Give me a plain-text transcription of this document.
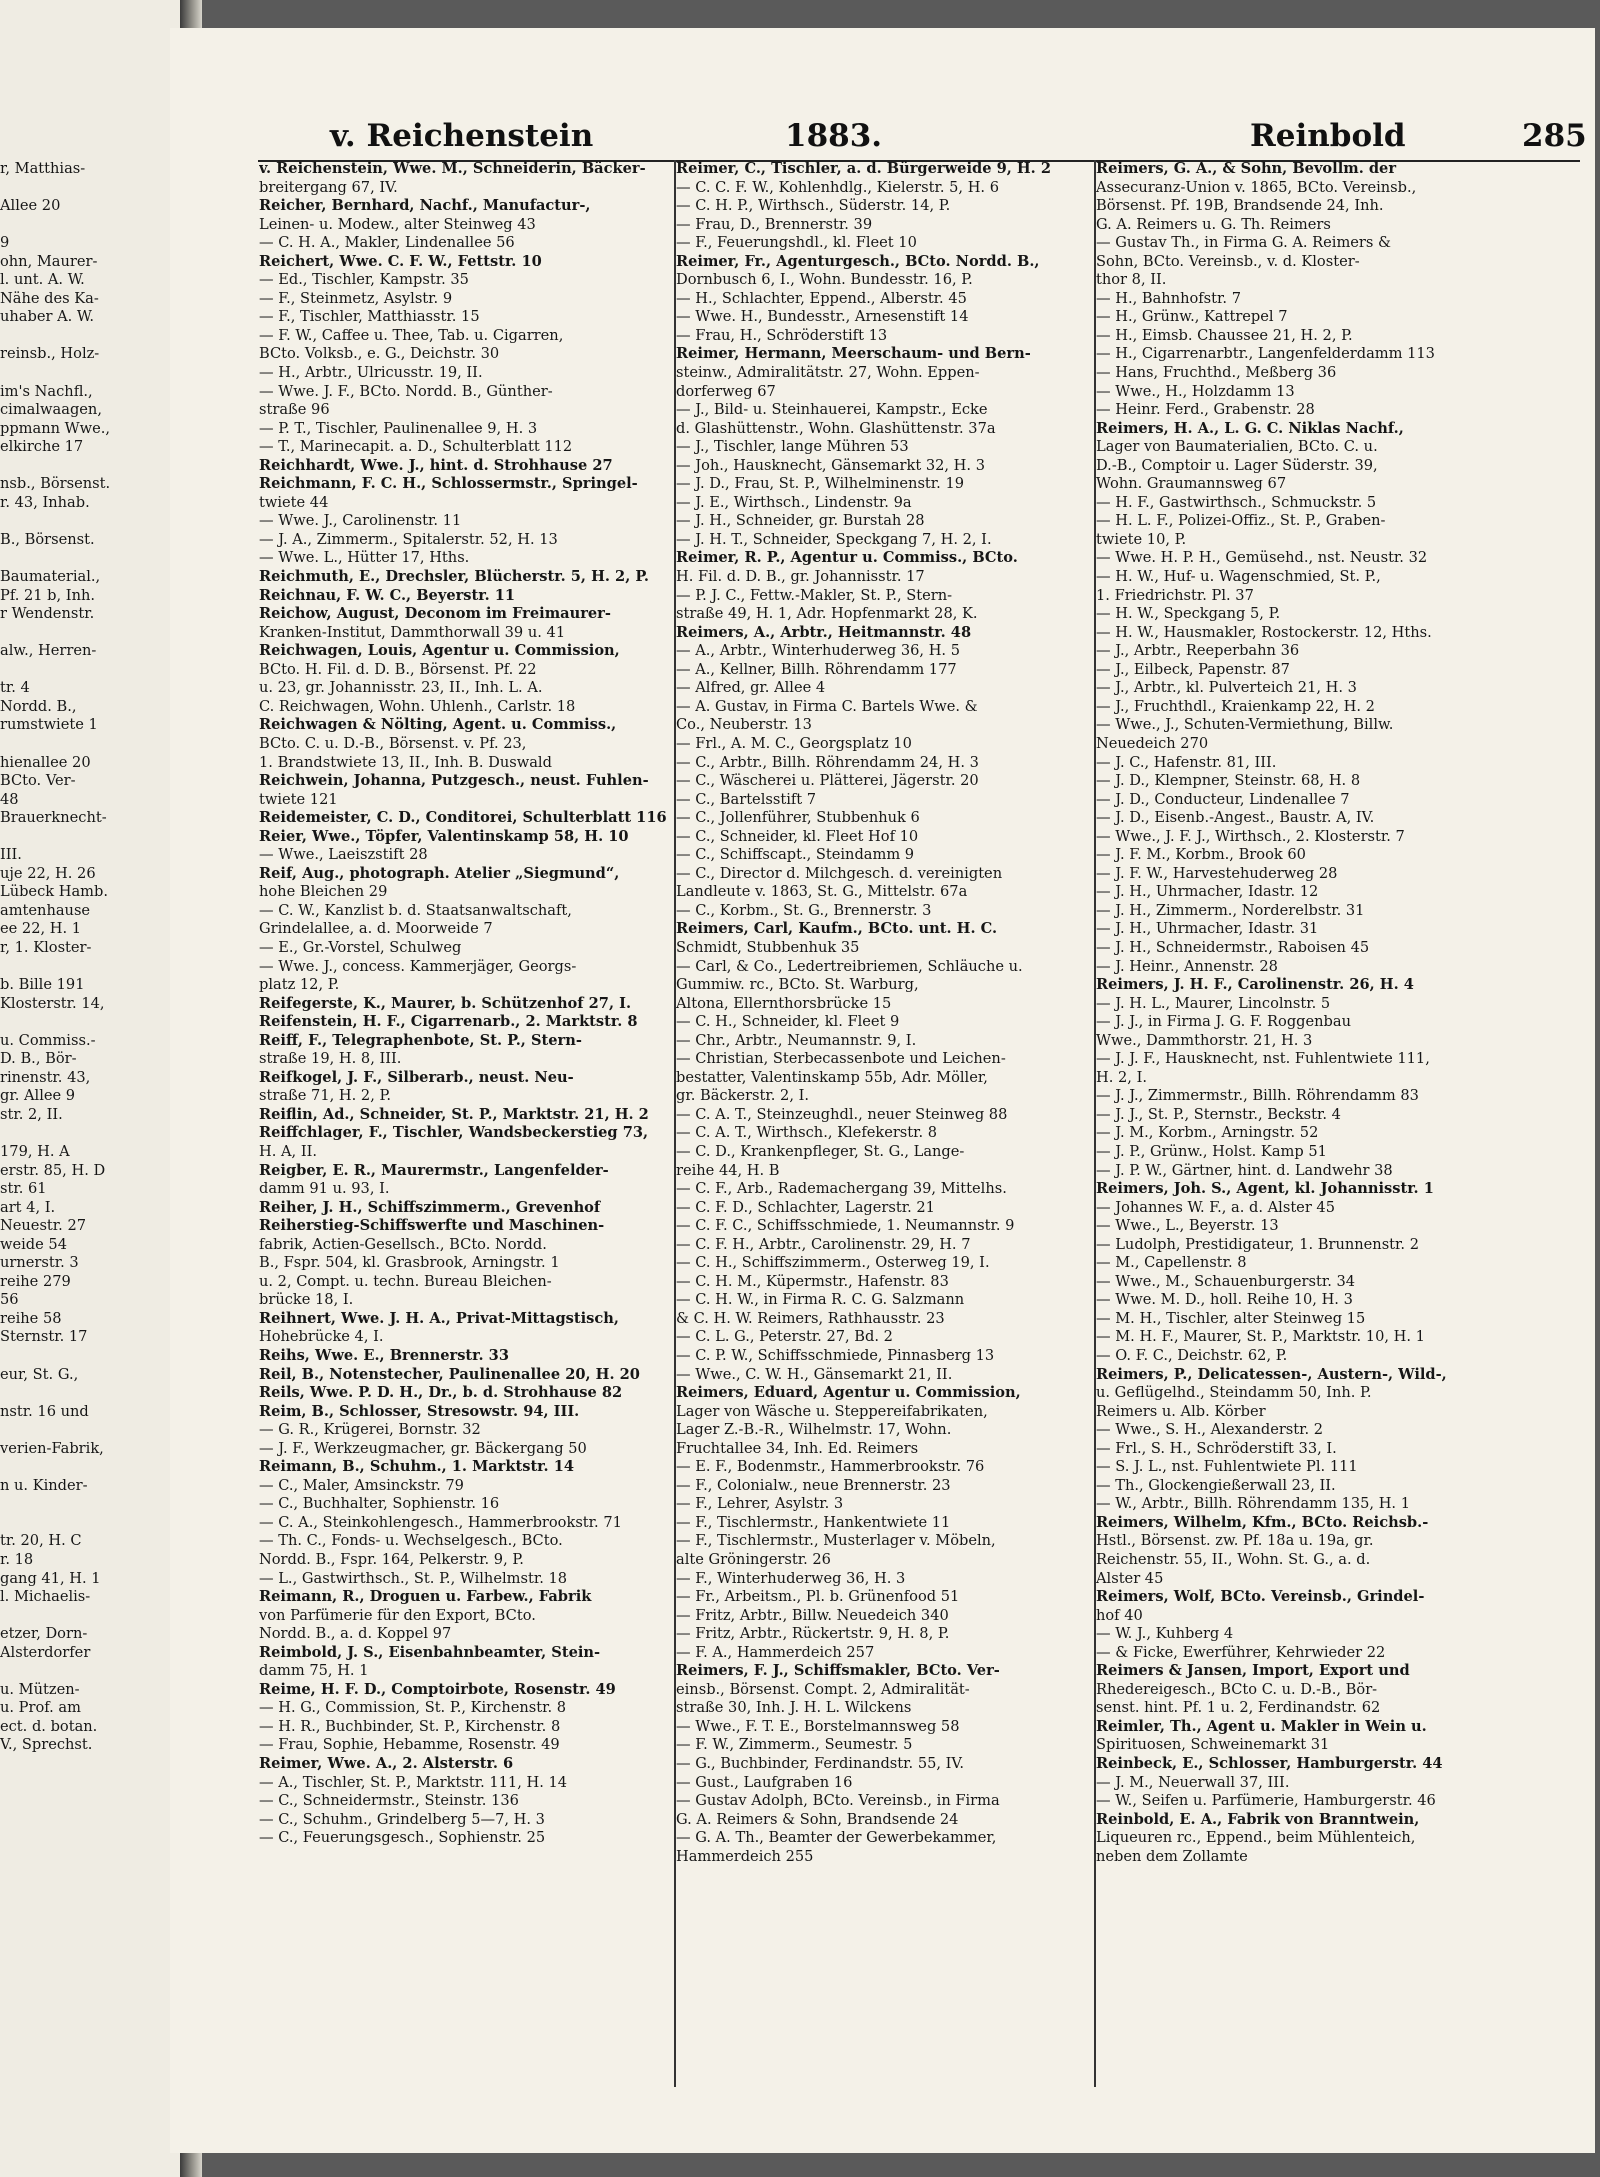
r, Matthias-

Allee 20

9
ohn, Maurer-
l. unt. A. W.
Nähe des Ka-
uhaber A. W.

reinsb., Holz-

im's Nachfl.,
cimalwaagen,
ppmann Wwe.,
elkirche 17

nsb., Börsenst.
r. 43, Inhab.

B., Börsenst.

Baumaterial.,
Pf. 21 b, Inh.
r Wendenstr.

alw., Herren-

tr. 4
Nordd. B.,
rumstwiete 1

hienallee 20
BCto. Ver-
48
Brauerknecht-

III.
uje 22, H. 26
Lübeck Hamb.
amtenhause
ee 22, H. 1
r, 1. Kloster-

b. Bille 191
Klosterstr. 14,

u. Commiss.-
D. B., Bör-
rinenstr. 43,
gr. Allee 9
str. 2, II.

179, H. A
erstr. 85, H. D
str. 61
art 4, I.
Neuestr. 27
weide 54
urnerstr. 3
reihe 279
56
reihe 58
Sternstr. 17

eur, St. G.,

nstr. 16 und

verien-Fabrik,

n u. Kinder-

tr. 20, H. C
r. 18
gang 41, H. 1
l. Michaelis-

etzer, Dorn-
Alsterdorfer

u. Mützen-
u. Prof. am
ect. d. botan.
V., Sprechst.
v. Reichenstein	1883.	Reinbold	285
v. Reichenstein, Wwe. M., Schneiderin, Bäcker-
breitergang 67, IV.
Reicher, Bernhard, Nachf., Manufactur-,
Leinen- u. Modew., alter Steinweg 43
— C. H. A., Makler, Lindenallee 56
Reichert, Wwe. C. F. W., Fettstr. 10
— Ed., Tischler, Kampstr. 35
— F., Steinmetz, Asylstr. 9
— F., Tischler, Matthiasstr. 15
— F. W., Caffee u. Thee, Tab. u. Cigarren,
BCto. Volksb., e. G., Deichstr. 30
— H., Arbtr., Ulricusstr. 19, II.
— Wwe. J. F., BCto. Nordd. B., Günther-
straße 96
— P. T., Tischler, Paulinenallee 9, H. 3
— T., Marinecapit. a. D., Schulterblatt 112
Reichhardt, Wwe. J., hint. d. Strohhause 27
Reichmann, F. C. H., Schlossermstr., Springel-
twiete 44
— Wwe. J., Carolinenstr. 11
— J. A., Zimmerm., Spitalerstr. 52, H. 13
— Wwe. L., Hütter 17, Hths.
Reichmuth, E., Drechsler, Blücherstr. 5, H. 2, P.
Reichnau, F. W. C., Beyerstr. 11
Reichow, August, Deconom im Freimaurer-
Kranken-Institut, Dammthorwall 39 u. 41
Reichwagen, Louis, Agentur u. Commission,
BCto. H. Fil. d. D. B., Börsenst. Pf. 22
u. 23, gr. Johannisstr. 23, II., Inh. L. A.
C. Reichwagen, Wohn. Uhlenh., Carlstr. 18
Reichwagen & Nölting, Agent. u. Commiss.,
BCto. C. u. D.-B., Börsenst. v. Pf. 23,
1. Brandstwiete 13, II., Inh. B. Duswald
Reichwein, Johanna, Putzgesch., neust. Fuhlen-
twiete 121
Reidemeister, C. D., Conditorei, Schulterblatt 116
Reier, Wwe., Töpfer, Valentinskamp 58, H. 10
— Wwe., Laeiszstift 28
Reif, Aug., photograph. Atelier „Siegmund“,
hohe Bleichen 29
— C. W., Kanzlist b. d. Staatsanwaltschaft,
Grindelallee, a. d. Moorweide 7
— E., Gr.-Vorstel, Schulweg
— Wwe. J., concess. Kammerjäger, Georgs-
platz 12, P.
Reifegerste, K., Maurer, b. Schützenhof 27, I.
Reifenstein, H. F., Cigarrenarb., 2. Marktstr. 8
Reiff, F., Telegraphenbote, St. P., Stern-
straße 19, H. 8, III.
Reifkogel, J. F., Silberarb., neust. Neu-
straße 71, H. 2, P.
Reiflin, Ad., Schneider, St. P., Marktstr. 21, H. 2
Reiffchlager, F., Tischler, Wandsbeckerstieg 73,
H. A, II.
Reigber, E. R., Maurermstr., Langenfelder-
damm 91 u. 93, I.
Reiher, J. H., Schiffszimmerm., Grevenhof
Reiherstieg-Schiffswerfte und Maschinen-
fabrik, Actien-Gesellsch., BCto. Nordd.
B., Fspr. 504, kl. Grasbrook, Arningstr. 1
u. 2, Compt. u. techn. Bureau Bleichen-
brücke 18, I.
Reihnert, Wwe. J. H. A., Privat-Mittagstisch,
Hohebrücke 4, I.
Reihs, Wwe. E., Brennerstr. 33
Reil, B., Notenstecher, Paulinenallee 20, H. 20
Reils, Wwe. P. D. H., Dr., b. d. Strohhause 82
Reim, B., Schlosser, Stresowstr. 94, III.
— G. R., Krügerei, Bornstr. 32
— J. F., Werkzeugmacher, gr. Bäckergang 50
Reimann, B., Schuhm., 1. Marktstr. 14
— C., Maler, Amsinckstr. 79
— C., Buchhalter, Sophienstr. 16
— C. A., Steinkohlengesch., Hammerbrookstr. 71
— Th. C., Fonds- u. Wechselgesch., BCto.
Nordd. B., Fspr. 164, Pelkerstr. 9, P.
— L., Gastwirthsch., St. P., Wilhelmstr. 18
Reimann, R., Droguen u. Farbew., Fabrik
von Parfümerie für den Export, BCto.
Nordd. B., a. d. Koppel 97
Reimbold, J. S., Eisenbahnbeamter, Stein-
damm 75, H. 1
Reime, H. F. D., Comptoirbote, Rosenstr. 49
— H. G., Commission, St. P., Kirchenstr. 8
— H. R., Buchbinder, St. P., Kirchenstr. 8
— Frau, Sophie, Hebamme, Rosenstr. 49
Reimer, Wwe. A., 2. Alsterstr. 6
— A., Tischler, St. P., Marktstr. 111, H. 14
— C., Schneidermstr., Steinstr. 136
— C., Schuhm., Grindelberg 5—7, H. 3
— C., Feuerungsgesch., Sophienstr. 25
Reimer, C., Tischler, a. d. Bürgerweide 9, H. 2
— C. C. F. W., Kohlenhdlg., Kielerstr. 5, H. 6
— C. H. P., Wirthsch., Süderstr. 14, P.
— Frau, D., Brennerstr. 39
— F., Feuerungshdl., kl. Fleet 10
Reimer, Fr., Agenturgesch., BCto. Nordd. B.,
Dornbusch 6, I., Wohn. Bundesstr. 16, P.
— H., Schlachter, Eppend., Alberstr. 45
— Wwe. H., Bundesstr., Arnesenstift 14
— Frau, H., Schröderstift 13
Reimer, Hermann, Meerschaum- und Bern-
steinw., Admiralitätstr. 27, Wohn. Eppen-
dorferweg 67
— J., Bild- u. Steinhauerei, Kampstr., Ecke
d. Glashüttenstr., Wohn. Glashüttenstr. 37a
— J., Tischler, lange Mühren 53
— Joh., Hausknecht, Gänsemarkt 32, H. 3
— J. D., Frau, St. P., Wilhelminenstr. 19
— J. E., Wirthsch., Lindenstr. 9a
— J. H., Schneider, gr. Burstah 28
— J. H. T., Schneider, Speckgang 7, H. 2, I.
Reimer, R. P., Agentur u. Commiss., BCto.
H. Fil. d. D. B., gr. Johannisstr. 17
— P. J. C., Fettw.-Makler, St. P., Stern-
straße 49, H. 1, Adr. Hopfenmarkt 28, K.
Reimers, A., Arbtr., Heitmannstr. 48
— A., Arbtr., Winterhuderweg 36, H. 5
— A., Kellner, Billh. Röhrendamm 177
— Alfred, gr. Allee 4
— A. Gustav, in Firma C. Bartels Wwe. &
Co., Neuberstr. 13
— Frl., A. M. C., Georgsplatz 10
— C., Arbtr., Billh. Röhrendamm 24, H. 3
— C., Wäscherei u. Plätterei, Jägerstr. 20
— C., Bartelsstift 7
— C., Jollenführer, Stubbenhuk 6
— C., Schneider, kl. Fleet Hof 10
— C., Schiffscapt., Steindamm 9
— C., Director d. Milchgesch. d. vereinigten
Landleute v. 1863, St. G., Mittelstr. 67a
— C., Korbm., St. G., Brennerstr. 3
Reimers, Carl, Kaufm., BCto. unt. H. C.
Schmidt, Stubbenhuk 35
— Carl, & Co., Ledertreibriemen, Schläuche u.
Gummiw. rc., BCto. St. Warburg,
Altona, Ellernthorsbrücke 15
— C. H., Schneider, kl. Fleet 9
— Chr., Arbtr., Neumannstr. 9, I.
— Christian, Sterbecassenbote und Leichen-
bestatter, Valentinskamp 55b, Adr. Möller,
gr. Bäckerstr. 2, I.
— C. A. T., Steinzeughdl., neuer Steinweg 88
— C. A. T., Wirthsch., Klefekerstr. 8
— C. D., Krankenpfleger, St. G., Lange-
reihe 44, H. B
— C. F., Arb., Rademachergang 39, Mittelhs.
— C. F. D., Schlachter, Lagerstr. 21
— C. F. C., Schiffsschmiede, 1. Neumannstr. 9
— C. F. H., Arbtr., Carolinenstr. 29, H. 7
— C. H., Schiffszimmerm., Osterweg 19, I.
— C. H. M., Küpermstr., Hafenstr. 83
— C. H. W., in Firma R. C. G. Salzmann
& C. H. W. Reimers, Rathhausstr. 23
— C. L. G., Peterstr. 27, Bd. 2
— C. P. W., Schiffsschmiede, Pinnasberg 13
— Wwe., C. W. H., Gänsemarkt 21, II.
Reimers, Eduard, Agentur u. Commission,
Lager von Wäsche u. Steppereifabrikaten,
Lager Z.-B.-R., Wilhelmstr. 17, Wohn.
Fruchtallee 34, Inh. Ed. Reimers
— E. F., Bodenmstr., Hammerbrookstr. 76
— F., Colonialw., neue Brennerstr. 23
— F., Lehrer, Asylstr. 3
— F., Tischlermstr., Hankentwiete 11
— F., Tischlermstr., Musterlager v. Möbeln,
alte Gröningerstr. 26
— F., Winterhuderweg 36, H. 3
— Fr., Arbeitsm., Pl. b. Grünenfood 51
— Fritz, Arbtr., Billw. Neuedeich 340
— Fritz, Arbtr., Rückertstr. 9, H. 8, P.
— F. A., Hammerdeich 257
Reimers, F. J., Schiffsmakler, BCto. Ver-
einsb., Börsenst. Compt. 2, Admiralität-
straße 30, Inh. J. H. L. Wilckens
— Wwe., F. T. E., Borstelmannsweg 58
— F. W., Zimmerm., Seumestr. 5
— G., Buchbinder, Ferdinandstr. 55, IV.
— Gust., Laufgraben 16
— Gustav Adolph, BCto. Vereinsb., in Firma
G. A. Reimers & Sohn, Brandsende 24
— G. A. Th., Beamter der Gewerbekammer,
Hammerdeich 255
Reimers, G. A., & Sohn, Bevollm. der
Assecuranz-Union v. 1865, BCto. Vereinsb.,
Börsenst. Pf. 19B, Brandsende 24, Inh.
G. A. Reimers u. G. Th. Reimers
— Gustav Th., in Firma G. A. Reimers &
Sohn, BCto. Vereinsb., v. d. Kloster-
thor 8, II.
— H., Bahnhofstr. 7
— H., Grünw., Kattrepel 7
— H., Eimsb. Chaussee 21, H. 2, P.
— H., Cigarrenarbtr., Langenfelderdamm 113
— Hans, Fruchthd., Meßberg 36
— Wwe., H., Holzdamm 13
— Heinr. Ferd., Grabenstr. 28
Reimers, H. A., L. G. C. Niklas Nachf.,
Lager von Baumaterialien, BCto. C. u.
D.-B., Comptoir u. Lager Süderstr. 39,
Wohn. Graumannsweg 67
— H. F., Gastwirthsch., Schmuckstr. 5
— H. L. F., Polizei-Offiz., St. P., Graben-
twiete 10, P.
— Wwe. H. P. H., Gemüsehd., nst. Neustr. 32
— H. W., Huf- u. Wagenschmied, St. P.,
1. Friedrichstr. Pl. 37
— H. W., Speckgang 5, P.
— H. W., Hausmakler, Rostockerstr. 12, Hths.
— J., Arbtr., Reeperbahn 36
— J., Eilbeck, Papenstr. 87
— J., Arbtr., kl. Pulverteich 21, H. 3
— J., Fruchthdl., Kraienkamp 22, H. 2
— Wwe., J., Schuten-Vermiethung, Billw.
Neuedeich 270
— J. C., Hafenstr. 81, III.
— J. D., Klempner, Steinstr. 68, H. 8
— J. D., Conducteur, Lindenallee 7
— J. D., Eisenb.-Angest., Baustr. A, IV.
— Wwe., J. F. J., Wirthsch., 2. Klosterstr. 7
— J. F. M., Korbm., Brook 60
— J. F. W., Harvestehuderweg 28
— J. H., Uhrmacher, Idastr. 12
— J. H., Zimmerm., Norderelbstr. 31
— J. H., Uhrmacher, Idastr. 31
— J. H., Schneidermstr., Raboisen 45
— J. Heinr., Annenstr. 28
Reimers, J. H. F., Carolinenstr. 26, H. 4
— J. H. L., Maurer, Lincolnstr. 5
— J. J., in Firma J. G. F. Roggenbau
Wwe., Dammthorstr. 21, H. 3
— J. J. F., Hausknecht, nst. Fuhlentwiete 111,
H. 2, I.
— J. J., Zimmermstr., Billh. Röhrendamm 83
— J. J., St. P., Sternstr., Beckstr. 4
— J. M., Korbm., Arningstr. 52
— J. P., Grünw., Holst. Kamp 51
— J. P. W., Gärtner, hint. d. Landwehr 38
Reimers, Joh. S., Agent, kl. Johannisstr. 1
— Johannes W. F., a. d. Alster 45
— Wwe., L., Beyerstr. 13
— Ludolph, Prestidigateur, 1. Brunnenstr. 2
— M., Capellenstr. 8
— Wwe., M., Schauenburgerstr. 34
— Wwe. M. D., holl. Reihe 10, H. 3
— M. H., Tischler, alter Steinweg 15
— M. H. F., Maurer, St. P., Marktstr. 10, H. 1
— O. F. C., Deichstr. 62, P.
Reimers, P., Delicatessen-, Austern-, Wild-,
u. Geflügelhd., Steindamm 50, Inh. P.
Reimers u. Alb. Körber
— Wwe., S. H., Alexanderstr. 2
— Frl., S. H., Schröderstift 33, I.
— S. J. L., nst. Fuhlentwiete Pl. 111
— Th., Glockengießerwall 23, II.
— W., Arbtr., Billh. Röhrendamm 135, H. 1
Reimers, Wilhelm, Kfm., BCto. Reichsb.-
Hstl., Börsenst. zw. Pf. 18a u. 19a, gr.
Reichenstr. 55, II., Wohn. St. G., a. d.
Alster 45
Reimers, Wolf, BCto. Vereinsb., Grindel-
hof 40
— W. J., Kuhberg 4
— & Ficke, Ewerführer, Kehrwieder 22
Reimers & Jansen, Import, Export und
Rhedereigesch., BCto C. u. D.-B., Bör-
senst. hint. Pf. 1 u. 2, Ferdinandstr. 62
Reimler, Th., Agent u. Makler in Wein u.
Spirituosen, Schweinemarkt 31
Reinbeck, E., Schlosser, Hamburgerstr. 44
— J. M., Neuerwall 37, III.
— W., Seifen u. Parfümerie, Hamburgerstr. 46
Reinbold, E. A., Fabrik von Branntwein,
Liqueuren rc., Eppend., beim Mühlenteich,
neben dem Zollamte
